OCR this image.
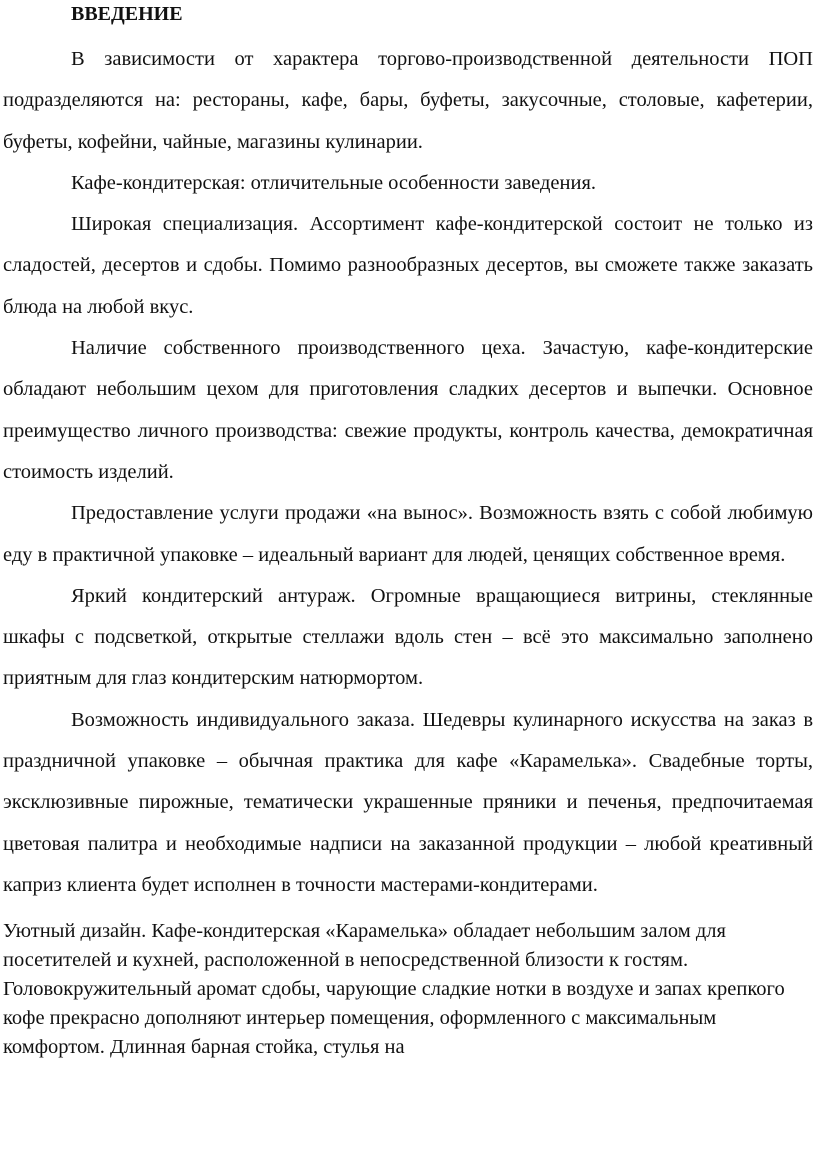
ВВЕДЕНИЕ

В зависимости от характера торгово-производственной деятельности ПОП подразделяются на: рестораны, кафе, бары, буфеты, закусочные, столовые, кафетерии, буфеты, кофейни, чайные, магазины кулинарии.

Кафе-кондитерская: отличительные особенности заведения.

Широкая специализация. Ассортимент кафе-кондитерской состоит не только из сладостей, десертов и сдобы. Помимо разнообразных десертов, вы сможете также заказать блюда на любой вкус.

Наличие собственного производственного цеха. Зачастую, кафе-кондитерские обладают небольшим цехом для приготовления сладких десертов и выпечки. Основное преимущество личного производства: свежие продукты, контроль качества, демократичная стоимость изделий.

Предоставление услуги продажи «на вынос». Возможность взять с собой любимую еду в практичной упаковке – идеальный вариант для людей, ценящих собственное время.

Яркий кондитерский антураж. Огромные вращающиеся витрины, стеклянные шкафы с подсветкой, открытые стеллажи вдоль стен – всё это максимально заполнено приятным для глаз кондитерским натюрмортом.

Возможность индивидуального заказа. Шедевры кулинарного искусства на заказ в праздничной упаковке – обычная практика для кафе «Карамелька». Свадебные торты, эксклюзивные пирожные, тематически украшенные пряники и печенья, предпочитаемая цветовая палитра и необходимые надписи на заказанной продукции – любой креативный каприз клиента будет исполнен в точности мастерами-кондитерами.

Уютный дизайн. Кафе-кондитерская «Карамелька» обладает небольшим залом для посетителей и кухней, расположенной в непосредственной близости к гостям. Головокружительный аромат сдобы, чарующие сладкие нотки в воздухе и запах крепкого кофе прекрасно дополняют интерьер помещения, оформленного с максимальным комфортом. Длинная барная стойка, стулья на
